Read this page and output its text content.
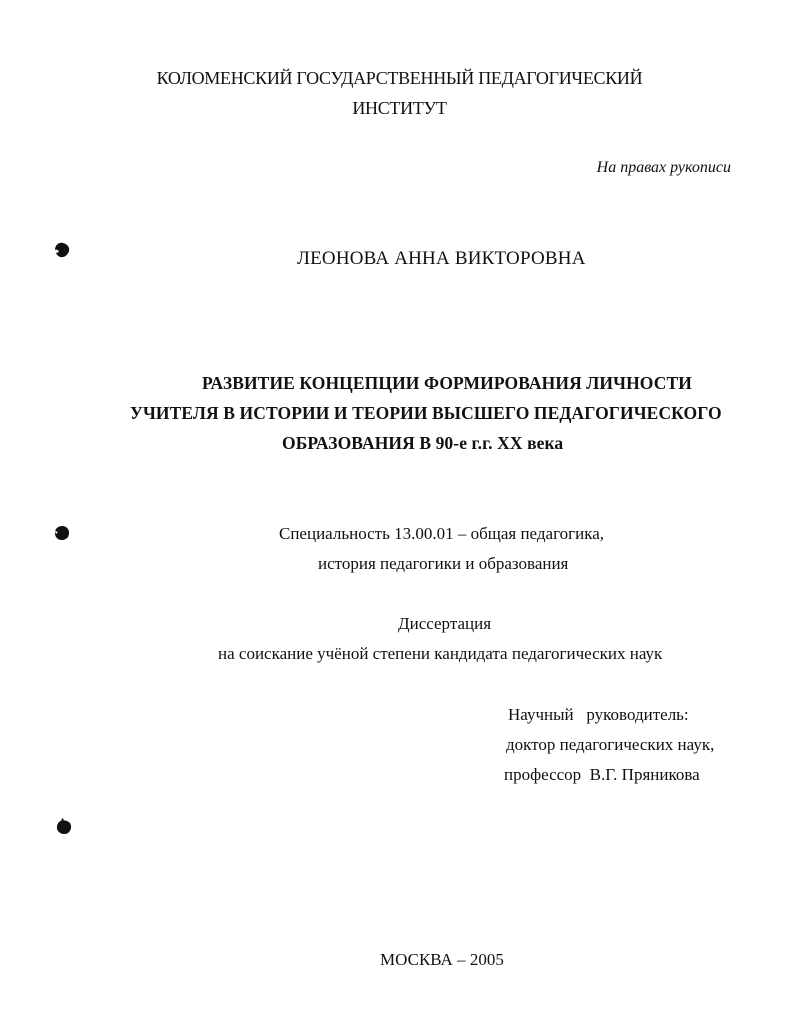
КОЛОМЕНСКИЙ ГОСУДАРСТВЕННЫЙ ПЕДАГОГИЧЕСКИЙ
ИНСТИТУТ
На правах рукописи
ЛЕОНОВА АННА ВИКТОРОВНА
РАЗВИТИЕ КОНЦЕПЦИИ ФОРМИРОВАНИЯ ЛИЧНОСТИ
УЧИТЕЛЯ В ИСТОРИИ И ТЕОРИИ ВЫСШЕГО ПЕДАГОГИЧЕСКОГО
ОБРАЗОВАНИЯ В 90-е г.г. XX века
Специальность 13.00.01 – общая педагогика,
история педагогики и образования
Диссертация
на соискание учёной степени кандидата педагогических наук
Научный   руководитель:
доктор педагогических наук,
профессор  В.Г. Пряникова
МОСКВА – 2005
